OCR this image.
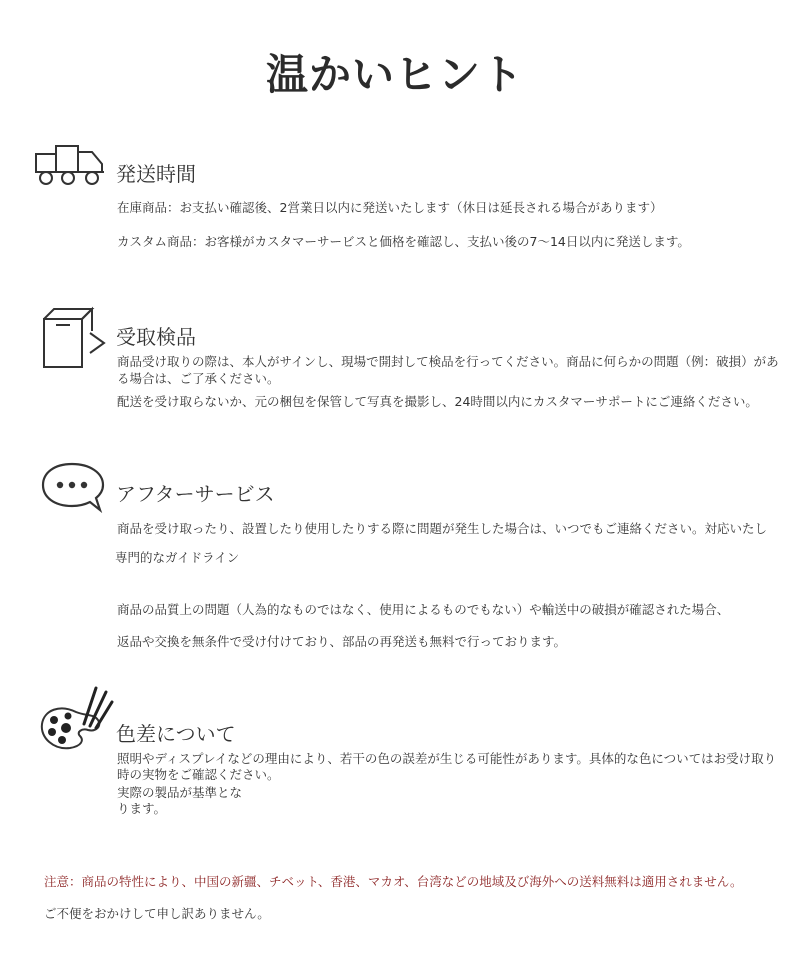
温かいヒント
発送時間
在庫商品：お支払い確認後、2営業日以内に発送いたします（休日は延長される場合があります）
カスタム商品：お客様がカスタマーサービスと価格を確認し、支払い後の7〜14日以内に発送します。
受取検品
商品受け取りの際は、本人がサインし、現場で開封して検品を行ってください。商品に何らかの問題（例：破損）があ
る場合は、ご了承ください。
配送を受け取らないか、元の梱包を保管して写真を撮影し、24時間以内にカスタマーサポートにご連絡ください。
アフターサービス
商品を受け取ったり、設置したり使用したりする際に問題が発生した場合は、いつでもご連絡ください。対応いたし
専門的なガイドライン
商品の品質上の問題（人為的なものではなく、使用によるものでもない）や輸送中の破損が確認された場合、
返品や交換を無条件で受け付けており、部品の再発送も無料で行っております。
色差について
照明やディスプレイなどの理由により、若干の色の誤差が生じる可能性があります。具体的な色についてはお受け取り
時の実物をご確認ください。
実際の製品が基準とな
ります。
注意：商品の特性により、中国の新疆、チベット、香港、マカオ、台湾などの地域及び海外への送料無料は適用されません。
ご不便をおかけして申し訳ありません。
